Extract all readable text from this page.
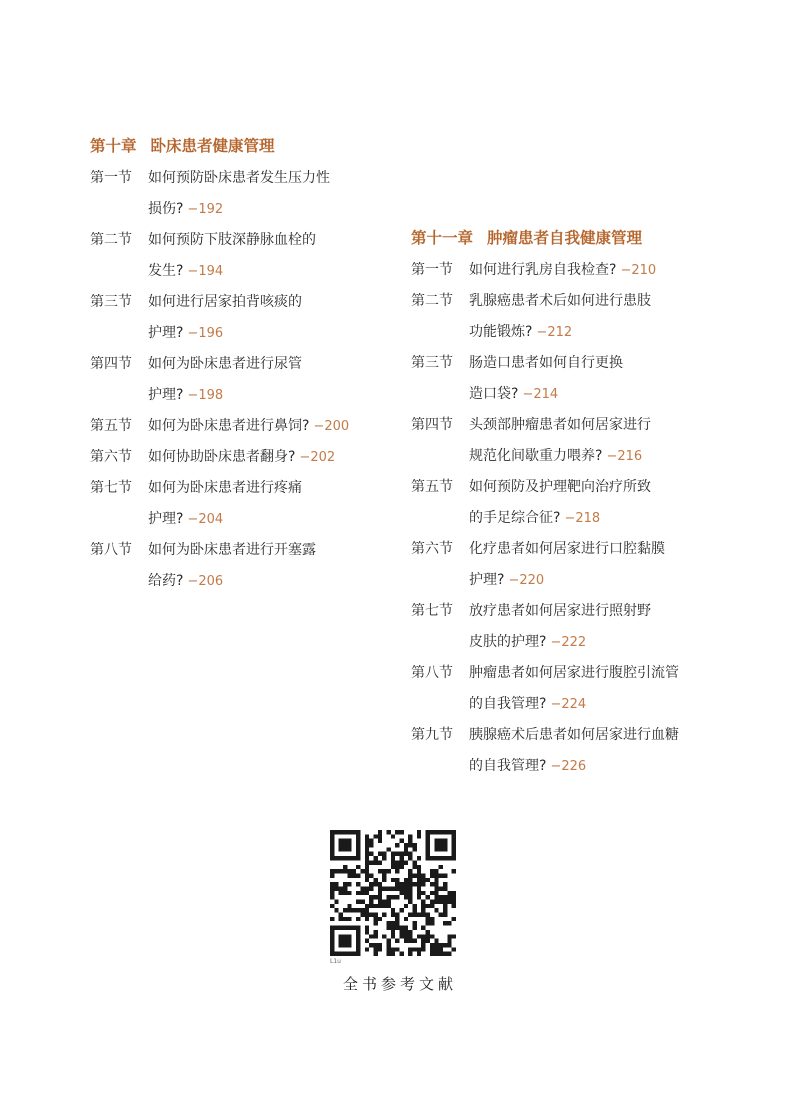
第十章 卧床患者健康管理
第一节 如何预防卧床患者发生压力性
损伤? −192
第二节 如何预防下肢深静脉血栓的
发生? −194
第三节 如何进行居家拍背咳痰的
护理? −196
第四节 如何为卧床患者进行尿管
护理? −198
第五节 如何为卧床患者进行鼻饲? −200
第六节 如何协助卧床患者翻身? −202
第七节 如何为卧床患者进行疼痛
护理? −204
第八节 如何为卧床患者进行开塞露
给药? −206
第十一章 肿瘤患者自我健康管理
第一节 如何进行乳房自我检查? −210
第二节 乳腺癌患者术后如何进行患肢
功能锻炼? −212
第三节 肠造口患者如何自行更换
造口袋? −214
第四节 头颈部肿瘤患者如何居家进行
规范化间歇重力喂养? −216
第五节 如何预防及护理靶向治疗所致
的手足综合征? −218
第六节 化疗患者如何居家进行口腔黏膜
护理? −220
第七节 放疗患者如何居家进行照射野
皮肤的护理? −222
第八节 肿瘤患者如何居家进行腹腔引流管
的自我管理? −224
第九节 胰腺癌术后患者如何居家进行血糖
的自我管理? −226
L1u
全书参考文献
